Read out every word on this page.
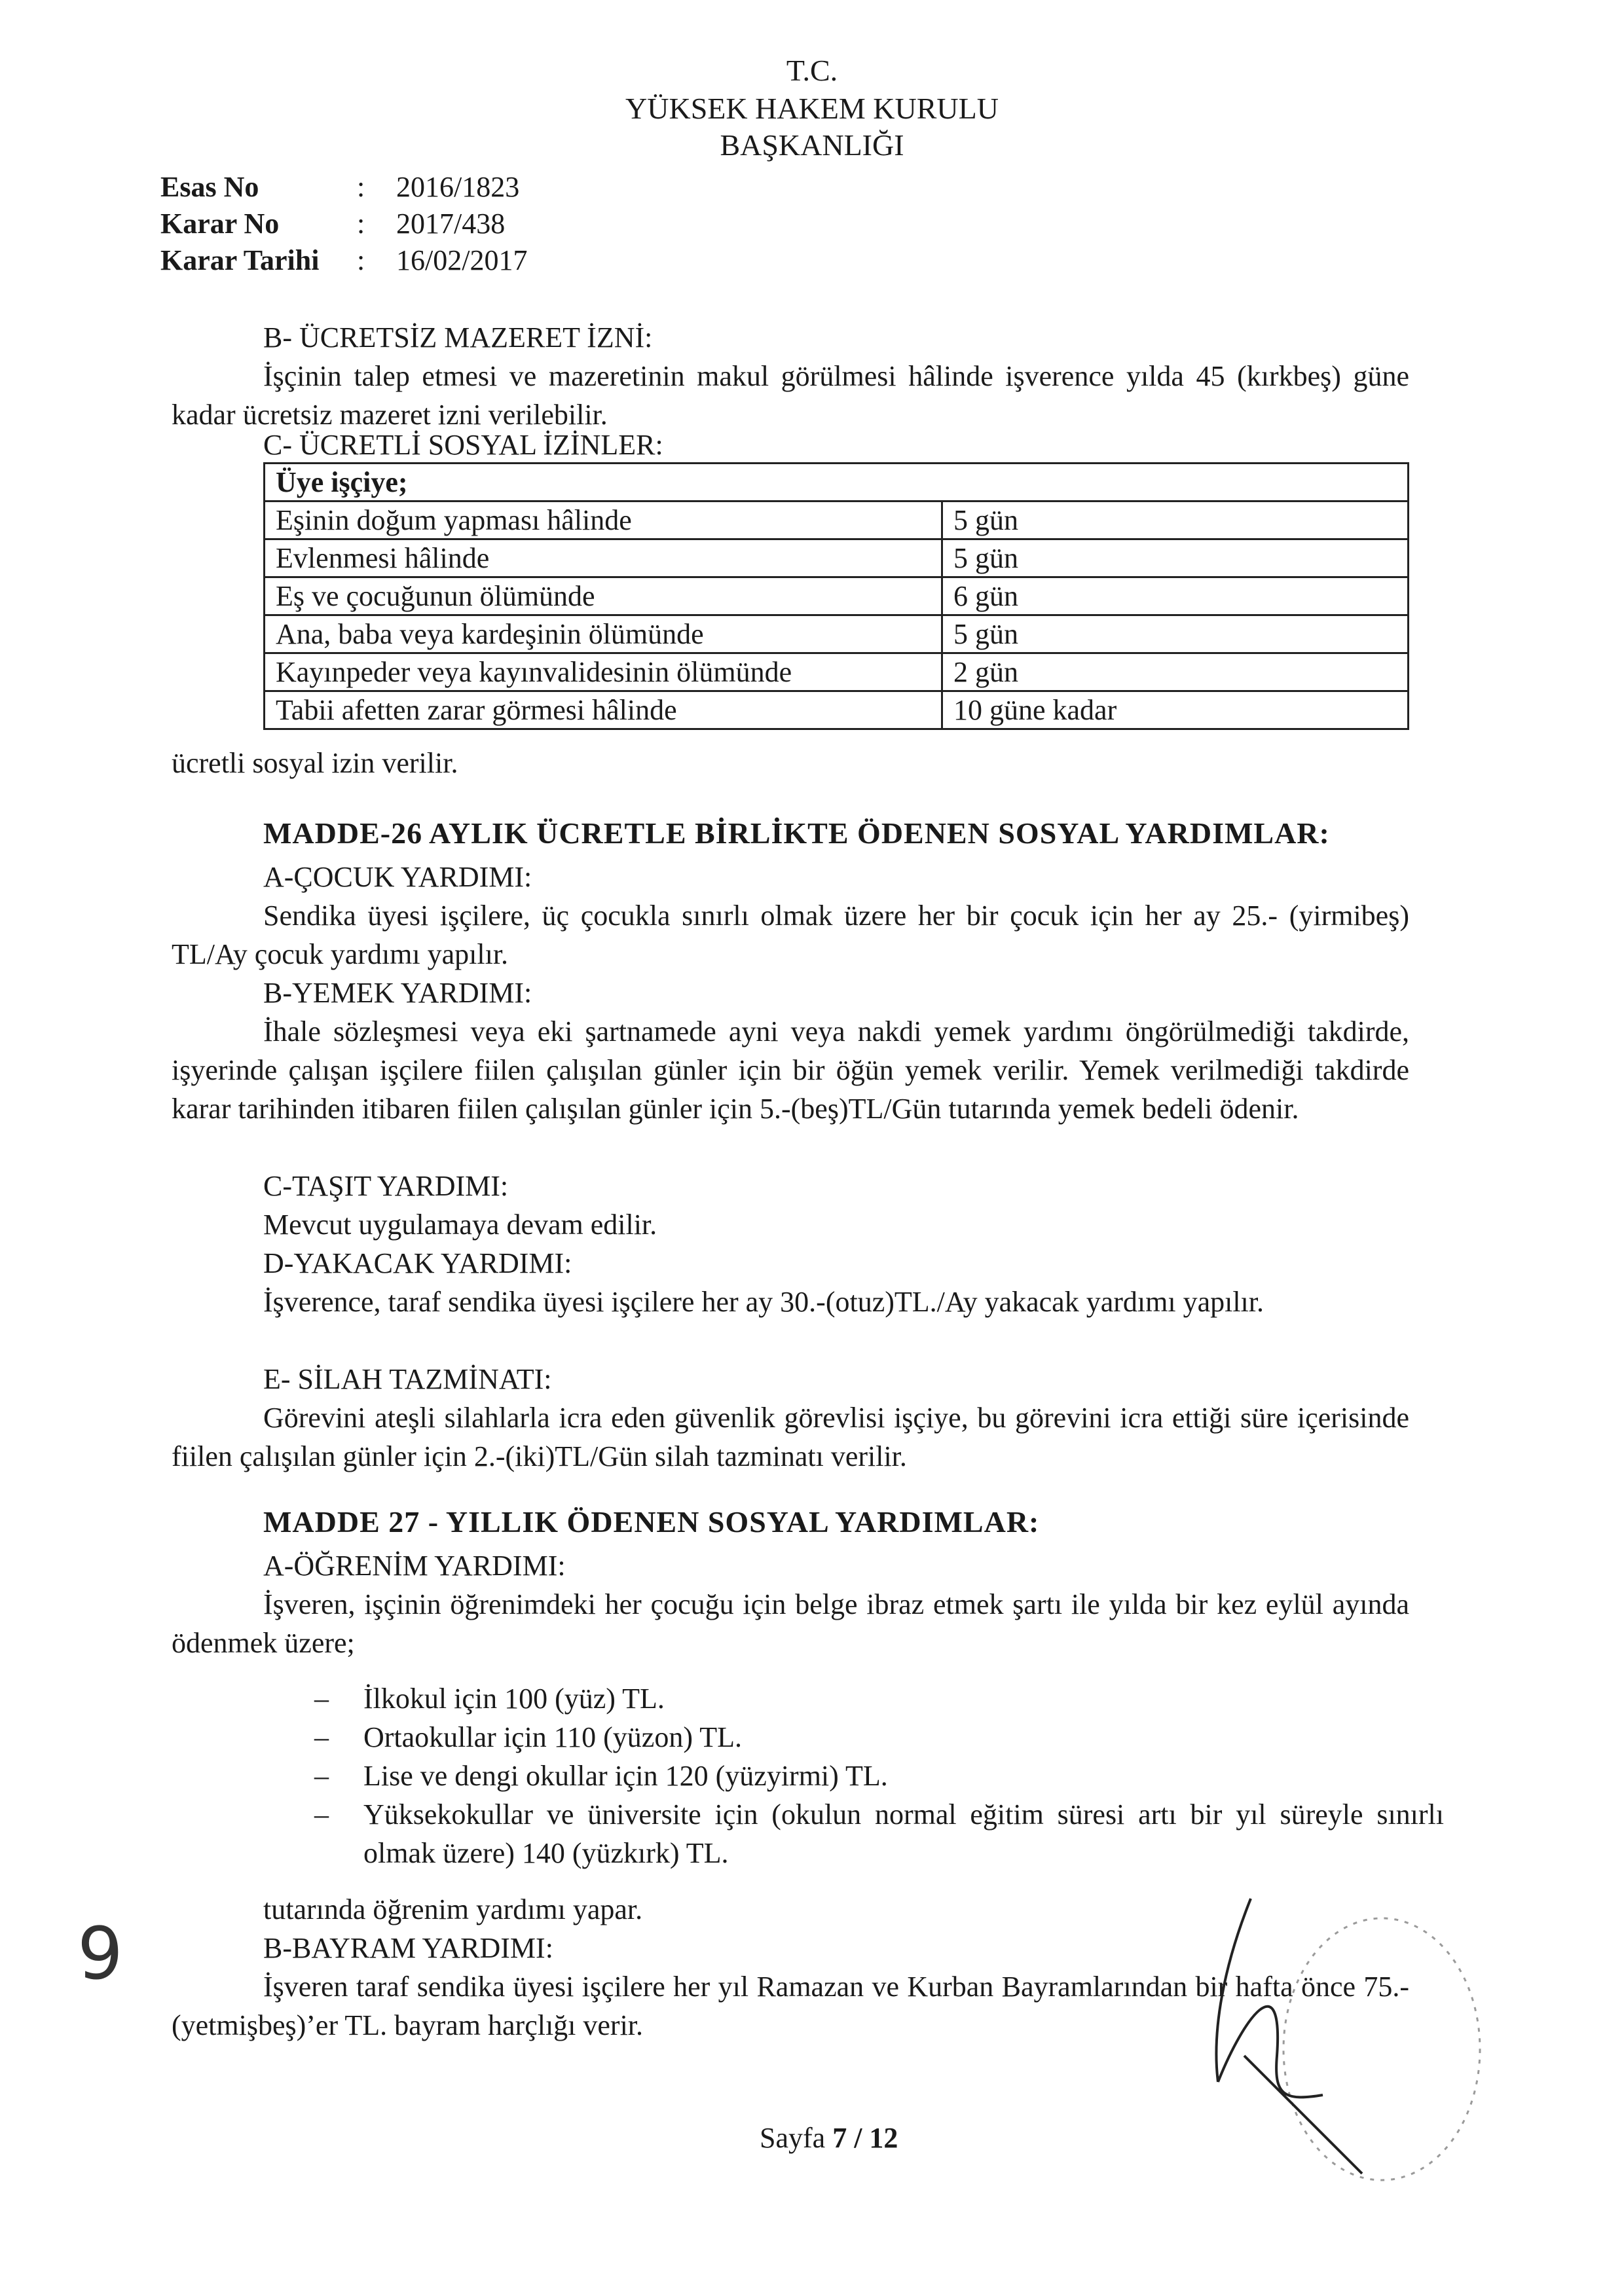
T.C.
YÜKSEK HAKEM KURULU
BAŞKANLIĞI
Esas No	:	2016/1823
Karar No	:	2017/438
Karar Tarihi	:	16/02/2017
B- ÜCRETSİZ MAZERET İZNİ:
İşçinin talep etmesi ve mazeretinin makul görülmesi hâlinde işverence yılda 45 (kırkbeş) güne kadar ücretsiz mazeret izni verilebilir.
C- ÜCRETLİ SOSYAL İZİNLER:
Üye işçiye;	
Eşinin doğum yapması hâlinde	5 gün
Evlenmesi hâlinde	5 gün
Eş ve çocuğunun ölümünde	6 gün
Ana, baba veya kardeşinin ölümünde	5 gün
Kayınpeder veya kayınvalidesinin ölümünde	2 gün
Tabii afetten zarar görmesi hâlinde	10 güne kadar
ücretli sosyal izin verilir.
MADDE-26 AYLIK ÜCRETLE BİRLİKTE ÖDENEN SOSYAL YARDIMLAR:
A-ÇOCUK YARDIMI:
Sendika üyesi işçilere, üç çocukla sınırlı olmak üzere her bir çocuk için her ay 25.- (yirmibeş) TL/Ay çocuk yardımı yapılır.
B-YEMEK YARDIMI:
İhale sözleşmesi veya eki şartnamede ayni veya nakdi yemek yardımı öngörülmediği takdirde, işyerinde çalışan işçilere fiilen çalışılan günler için bir öğün yemek verilir. Yemek verilmediği takdirde karar tarihinden itibaren fiilen çalışılan günler için 5.-(beş)TL/Gün tutarında yemek bedeli ödenir.
C-TAŞIT YARDIMI:
Mevcut uygulamaya devam edilir.
D-YAKACAK YARDIMI:
İşverence, taraf sendika üyesi işçilere her ay 30.-(otuz)TL./Ay yakacak yardımı yapılır.
E- SİLAH TAZMİNATI:
Görevini ateşli silahlarla icra eden güvenlik görevlisi işçiye, bu görevini icra ettiği süre içerisinde fiilen çalışılan günler için 2.-(iki)TL/Gün silah tazminatı verilir.
MADDE 27 - YILLIK ÖDENEN SOSYAL YARDIMLAR:
A-ÖĞRENİM YARDIMI:
İşveren, işçinin öğrenimdeki her çocuğu için belge ibraz etmek şartı ile yılda bir kez eylül ayında ödenmek üzere;
–	İlkokul için 100 (yüz) TL.
–	Ortaokullar için 110 (yüzon) TL.
–	Lise ve dengi okullar için 120 (yüzyirmi) TL.
–	Yüksekokullar ve üniversite için (okulun normal eğitim süresi artı bir yıl süreyle sınırlı olmak üzere) 140 (yüzkırk) TL.
tutarında öğrenim yardımı yapar.
B-BAYRAM YARDIMI:
İşveren taraf sendika üyesi işçilere her yıl Ramazan ve Kurban Bayramlarından bir hafta önce 75.-(yetmişbeş)’er TL. bayram harçlığı verir.
9
Sayfa 7 / 12
